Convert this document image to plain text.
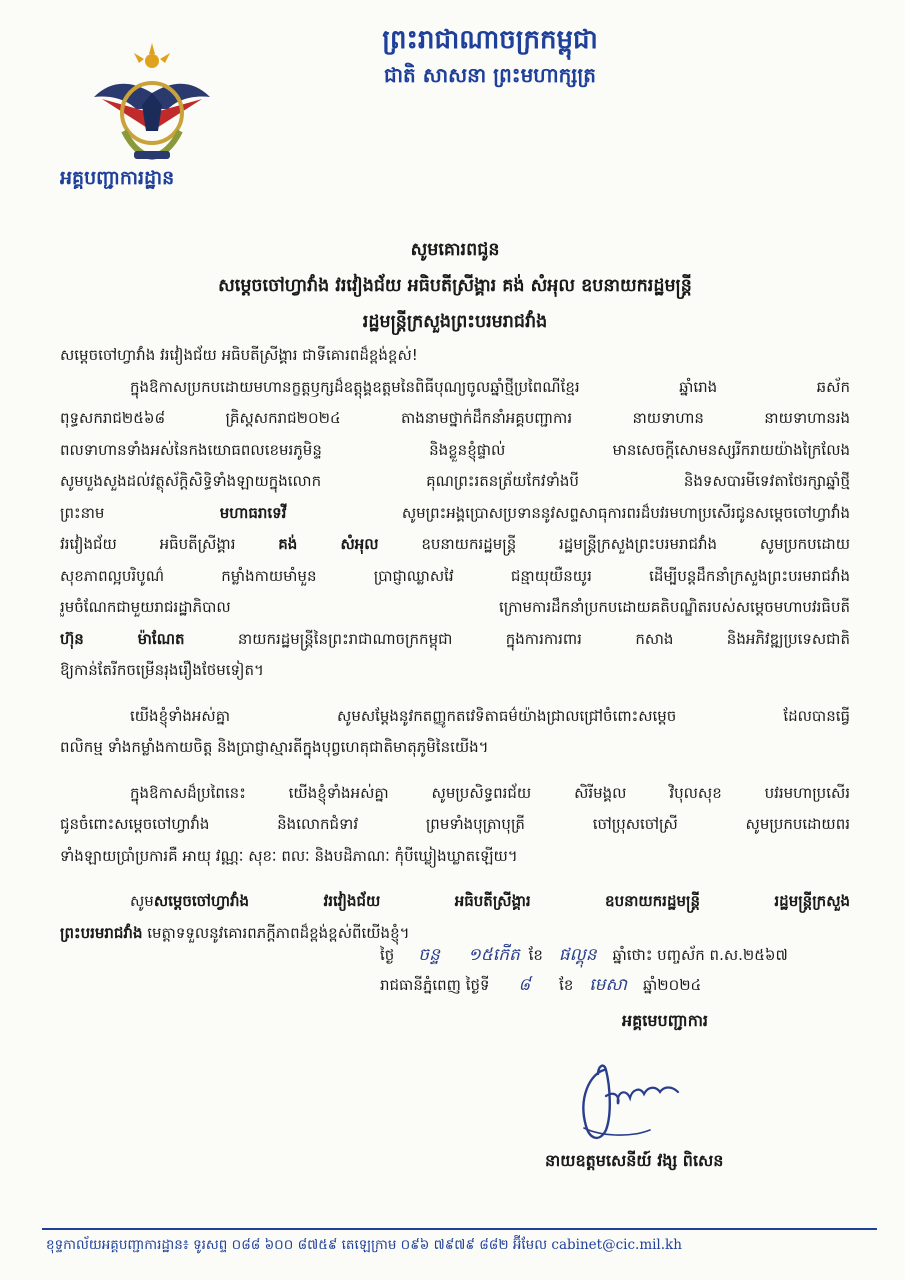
ព្រះរាជាណាចក្រកម្ពុជា
ជាតិ សាសនា ព្រះមហាក្សត្រ
អគ្គបញ្ជាការដ្ឋាន
សូមគោរពជូន
សម្តេចចៅហ្វាវាំង វរវៀងជ័យ អធិបតីស្រីង្គារ គង់ សំអុល ឧបនាយករដ្ឋមន្ត្រី
រដ្ឋមន្ត្រីក្រសួងព្រះបរមរាជវាំង
សម្តេចចៅហ្វាវាំង វរវៀងជ័យ អធិបតីស្រីង្គារ ជាទីគោរពដ៏ខ្ពង់ខ្ពស់!
ក្នុងឱកាសប្រកបដោយមហានក្ខត្តឫក្សដ៏ឧត្តុង្គឧត្តមនៃពិធីបុណ្យចូលឆ្នាំថ្មីប្រពៃណីខ្មែរ ឆ្នាំរោង ឆស័ក
ពុទ្ធសករាជ២៥៦៨ គ្រិស្តសករាជ២០២៤ តាងនាមថ្នាក់ដឹកនាំអគ្គបញ្ជាការ នាយទាហាន នាយទាហានរង
ពលទាហានទាំងអស់នៃកងយោធពលខេមរភូមិន្ទ និងខ្លួនខ្ញុំផ្ទាល់ មានសេចក្តីសោមនស្សរីករាយយ៉ាងក្រៃលែង
សូមបួងសួងដល់វត្ថុស័ក្តិសិទ្ធិទាំងឡាយក្នុងលោក គុណព្រះរតនត្រ័យកែវទាំងបី និងទសបារមីទេវតាថែរក្សាឆ្នាំថ្មី
ព្រះនាម	មហាធរាទេវី	សូមព្រះអង្គប្រោសប្រទាននូវសព្ទសាធុការពរដ៏បវរមហាប្រសើរជូនសម្តេចចៅហ្វាវាំង
វរវៀងជ័យ អធិបតីស្រីង្គារ	គង់ សំអុល	ឧបនាយករដ្ឋមន្ត្រី រដ្ឋមន្ត្រីក្រសួងព្រះបរមរាជវាំង សូមប្រកបដោយ
សុខភាពល្អបរិបូណ៌ កម្លាំងកាយមាំមួន ប្រាជ្ញាឈ្លាសវៃ ជន្មាយុយឺនយូរ ដើម្បីបន្តដឹកនាំក្រសួងព្រះបរមរាជវាំង
រួមចំណែកជាមួយរាជរដ្ឋាភិបាល ក្រោមការដឹកនាំប្រកបដោយគតិបណ្ឌិតរបស់សម្តេចមហាបវរធិបតី
ហ៊ុន ម៉ាណែត	នាយករដ្ឋមន្ត្រីនៃព្រះរាជាណាចក្រកម្ពុជា ក្នុងការការពារ កសាង និងអភិវឌ្ឍប្រទេសជាតិ
ឱ្យកាន់តែរីកចម្រើនរុងរឿងថែមទៀត។
យើងខ្ញុំទាំងអស់គ្នា សូមសម្តែងនូវកតញ្ញូកតវេទិតាធម៌យ៉ាងជ្រាលជ្រៅចំពោះសម្តេច ដែលបានធ្វើ
ពលិកម្ម ទាំងកម្លាំងកាយចិត្ត និងប្រាជ្ញាស្មារតីក្នុងបុព្វហេតុជាតិមាតុភូមិនៃយើង។
ក្នុងឱកាសដ៏ប្រពៃនេះ យើងខ្ញុំទាំងអស់គ្នា សូមប្រសិទ្ធពរជ័យ សិរីមង្គល វិបុលសុខ បវរមហាប្រសើរ
ជូនចំពោះសម្តេចចៅហ្វាវាំង និងលោកជំទាវ ព្រមទាំងបុត្រាបុត្រី ចៅប្រុសចៅស្រី សូមប្រកបដោយពរ
ទាំងឡាយប្រាំប្រការគឺ អាយុ វណ្ណៈ សុខៈ ពលៈ និងបដិភាណៈ កុំបីឃ្លៀងឃ្លាតឡើយ។
សូមសម្តេចចៅហ្វាវាំង វរវៀងជ័យ អធិបតីស្រីង្គារ ឧបនាយករដ្ឋមន្ត្រី រដ្ឋមន្ត្រីក្រសួង
ព្រះបរមរាជវាំង មេត្តាទទួលនូវគោរពភក្តីភាពដ៏ខ្ពង់ខ្ពស់ពីយើងខ្ញុំ។
ថ្ងៃ ចន្ទ ១៥កើត ខែ ផល្គុន ឆ្នាំថោះ បញ្ចស័ក ព.ស.២៥៦៧
រាជធានីភ្នំពេញ ថ្ងៃទី ៨ ខែ មេសា ឆ្នាំ២០២៤
អគ្គមេបញ្ជាការ
នាយឧត្តមសេនីយ៍ វង្ស ពិសេន
ខុទ្ទកាល័យអគ្គបញ្ជាការដ្ឋាន៖ ទូរសព្ទ ០៨៨ ៦០០ ៨៧៥៩ តេឡេក្រាម ០៩៦ ៧៩៧៩ ៨៨២ អ៊ីមែល cabinet@cic.mil.kh
